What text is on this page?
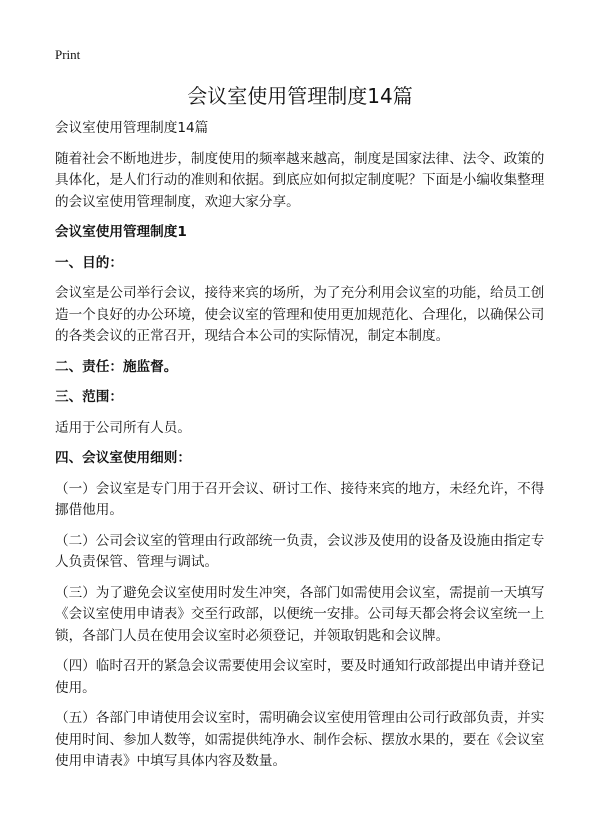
Print
会议室使用管理制度14篇

会议室使用管理制度14篇

随着社会不断地进步，制度使用的频率越来越高，制度是国家法律、法令、政策的
具体化，是人们行动的准则和依据。到底应如何拟定制度呢？下面是小编收集整理
的会议室使用管理制度，欢迎大家分享。

会议室使用管理制度1

一、目的：

会议室是公司举行会议，接待来宾的场所，为了充分利用会议室的功能，给员工创
造一个良好的办公环境，使会议室的管理和使用更加规范化、合理化，以确保公司
的各类会议的正常召开，现结合本公司的实际情况，制定本制度。

二、责任：施监督。

三、范围：

适用于公司所有人员。

四、会议室使用细则：

（一）会议室是专门用于召开会议、研讨工作、接待来宾的地方，未经允许，不得
挪借他用。

（二）公司会议室的管理由行政部统一负责，会议涉及使用的设备及设施由指定专
人负责保管、管理与调试。

（三）为了避免会议室使用时发生冲突，各部门如需使用会议室，需提前一天填写
《会议室使用申请表》交至行政部，以便统一安排。公司每天都会将会议室统一上
锁，各部门人员在使用会议室时必须登记，并领取钥匙和会议牌。

（四）临时召开的紧急会议需要使用会议室时，要及时通知行政部提出申请并登记
使用。

（五）各部门申请使用会议室时，需明确会议室使用管理由公司行政部负责，并实
使用时间、参加人数等，如需提供纯净水、制作会标、摆放水果的，要在《会议室
使用申请表》中填写具体内容及数量。
